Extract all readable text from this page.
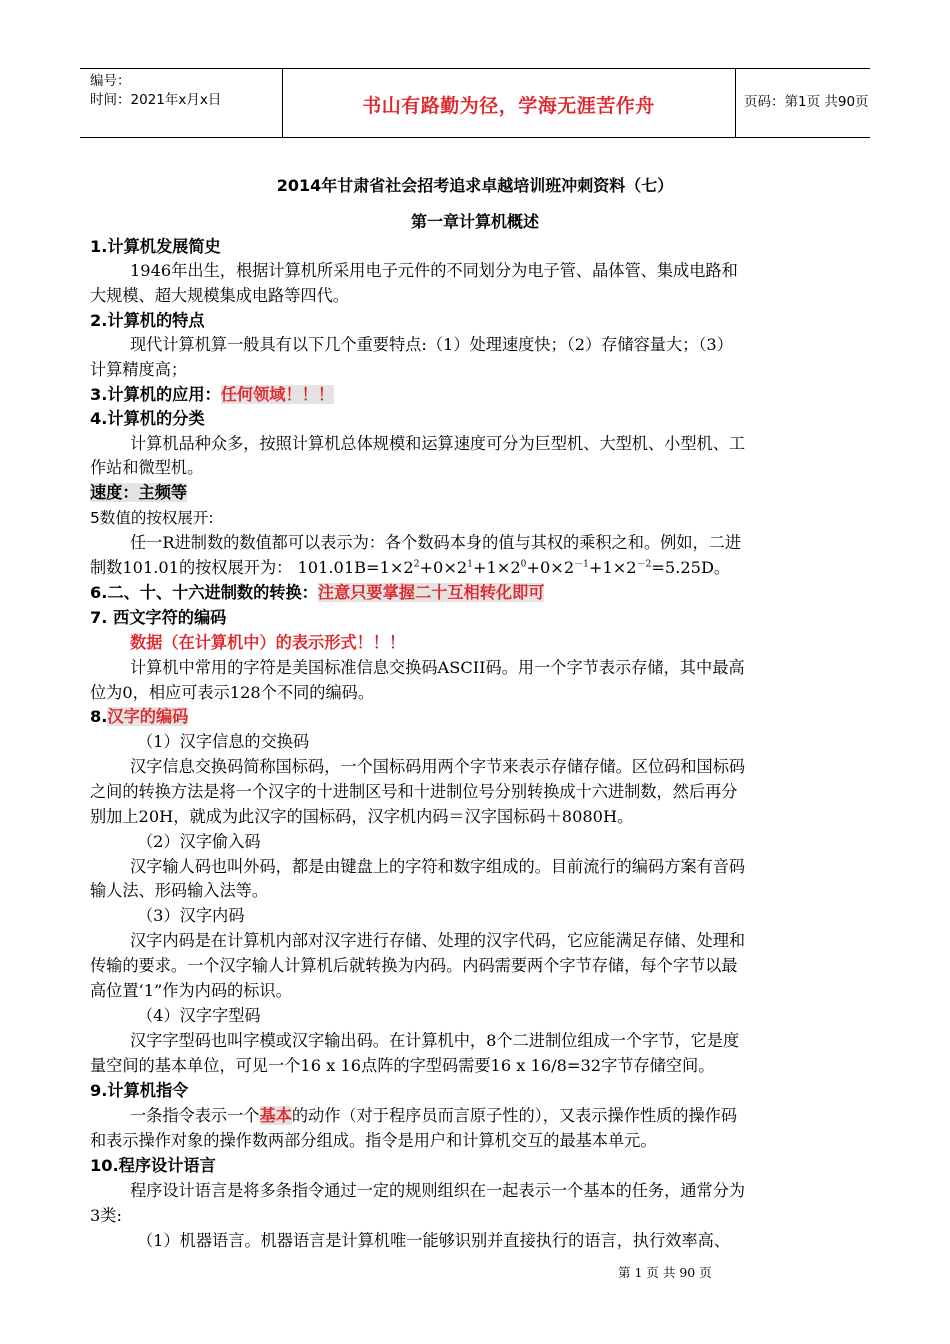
编号：
时间：2021年x月x日	书山有路勤为径，学海无涯苦作舟	页码：第1页 共90页
2014年甘肃省社会招考追求卓越培训班冲刺资料（七）
第一章计算机概述
1.计算机发展简史
1946年出生，根据计算机所采用电子元件的不同划分为电子管、晶体管、集成电路和
大规模、超大规模集成电路等四代。
2.计算机的特点
现代计算机算一般具有以下几个重要特点:（1）处理速度快；（2）存储容量大；（3）
计算精度高；
3.计算机的应用：任何领域！！！
4.计算机的分类
计算机品种众多，按照计算机总体规模和运算速度可分为巨型机、大型机、小型机、工
作站和微型机。
速度：主频等
5数值的按权展开:
任一R进制数的数值都可以表示为：各个数码本身的值与其权的乘积之和。例如，二进
制数101.01的按权展开为： $101.01B=1\times 2^2+0\times 2^1+1\times 2^0+0\times 2^{-1}+1\times 2^{-2}=5.25D$。
6.二、十、十六进制数的转换：注意只要掌握二十互相转化即可
7. 西文字符的编码
数据（在计算机中）的表示形式！！！
计算机中常用的字符是美国标准信息交换码ASCII码。用一个字节表示存储，其中最高
位为0，相应可表示128个不同的编码。
8.汉字的编码
（1）汉字信息的交换码
汉字信息交换码简称国标码，一个国标码用两个字节来表示存储存储。区位码和国标码
之间的转换方法是将一个汉字的十进制区号和十进制位号分别转换成十六进制数，然后再分
别加上20H，就成为此汉字的国标码，汉字机内码＝汉字国标码＋8080H。
（2）汉字偷入码
汉字输人码也叫外码，都是由键盘上的字符和数字组成的。目前流行的编码方案有音码
输人法、形码输入法等。
（3）汉字内码
汉字内码是在计算机内部对汉字进行存储、处理的汉字代码，它应能满足存储、处理和
传输的要求。一个汉字输人计算机后就转换为内码。内码需要两个字节存储，每个字节以最
高位置‘1”作为内码的标识。
（4）汉字字型码
汉字字型码也叫字模或汉字输出码。在计算机中，8个二进制位组成一个字节，它是度
量空间的基本单位，可见一个16 x 16点阵的字型码需要16 x 16/8=32字节存储空间。
9.计算机指令
一条指令表示一个基本的动作（对于程序员而言原子性的），又表示操作性质的操作码
和表示操作对象的操作数两部分组成。指令是用户和计算机交互的最基本单元。
10.程序设计语言
程序设计语言是将多条指令通过一定的规则组织在一起表示一个基本的任务，通常分为
3类:
（1）机器语言。机器语言是计算机唯一能够识别并直接执行的语言，执行效率高、
第 1 页 共 90 页
